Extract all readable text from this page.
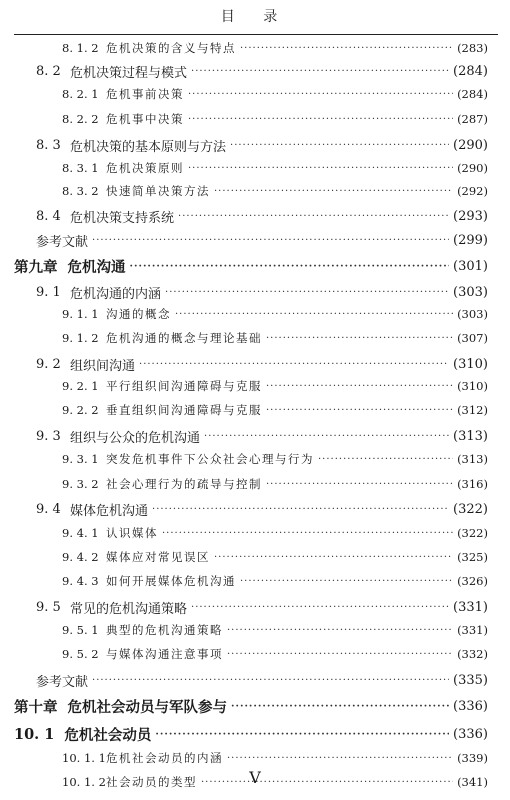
目 录
8. 1. 2 危机决策的含义与特点 ·····	(283)
8. 2 危机决策过程与模式 ·····	(284)
8. 2. 1 危机事前决策 ·····	(284)
8. 2. 2 危机事中决策 ·····	(287)
8. 3 危机决策的基本原则与方法 ·····	(290)
8. 3. 1 危机决策原则 ·····	(290)
8. 3. 2 快速简单决策方法 ·····	(292)
8. 4 危机决策支持系统 ·····	(293)
参考文献 ·····	(299)
第九章 危机沟通 ·····	(301)
9. 1 危机沟通的内涵 ·····	(303)
9. 1. 1 沟通的概念 ·····	(303)
9. 1. 2 危机沟通的概念与理论基础 ·····	(307)
9. 2 组织间沟通 ·····	(310)
9. 2. 1 平行组织间沟通障碍与克服 ·····	(310)
9. 2. 2 垂直组织间沟通障碍与克服 ·····	(312)
9. 3 组织与公众的危机沟通 ·····	(313)
9. 3. 1 突发危机事件下公众社会心理与行为 ·····	(313)
9. 3. 2 社会心理行为的疏导与控制 ·····	(316)
9. 4 媒体危机沟通 ·····	(322)
9. 4. 1 认识媒体 ·····	(322)
9. 4. 2 媒体应对常见误区 ·····	(325)
9. 4. 3 如何开展媒体危机沟通 ·····	(326)
9. 5 常见的危机沟通策略 ·····	(331)
9. 5. 1 典型的危机沟通策略 ·····	(331)
9. 5. 2 与媒体沟通注意事项 ·····	(332)
参考文献 ·····	(335)
第十章 危机社会动员与军队参与 ·····	(336)
10. 1 危机社会动员 ·····	(336)
10. 1. 1 危机社会动员的内涵 ·····	(339)
10. 1. 2 社会动员的类型 ·····	(341)
V
